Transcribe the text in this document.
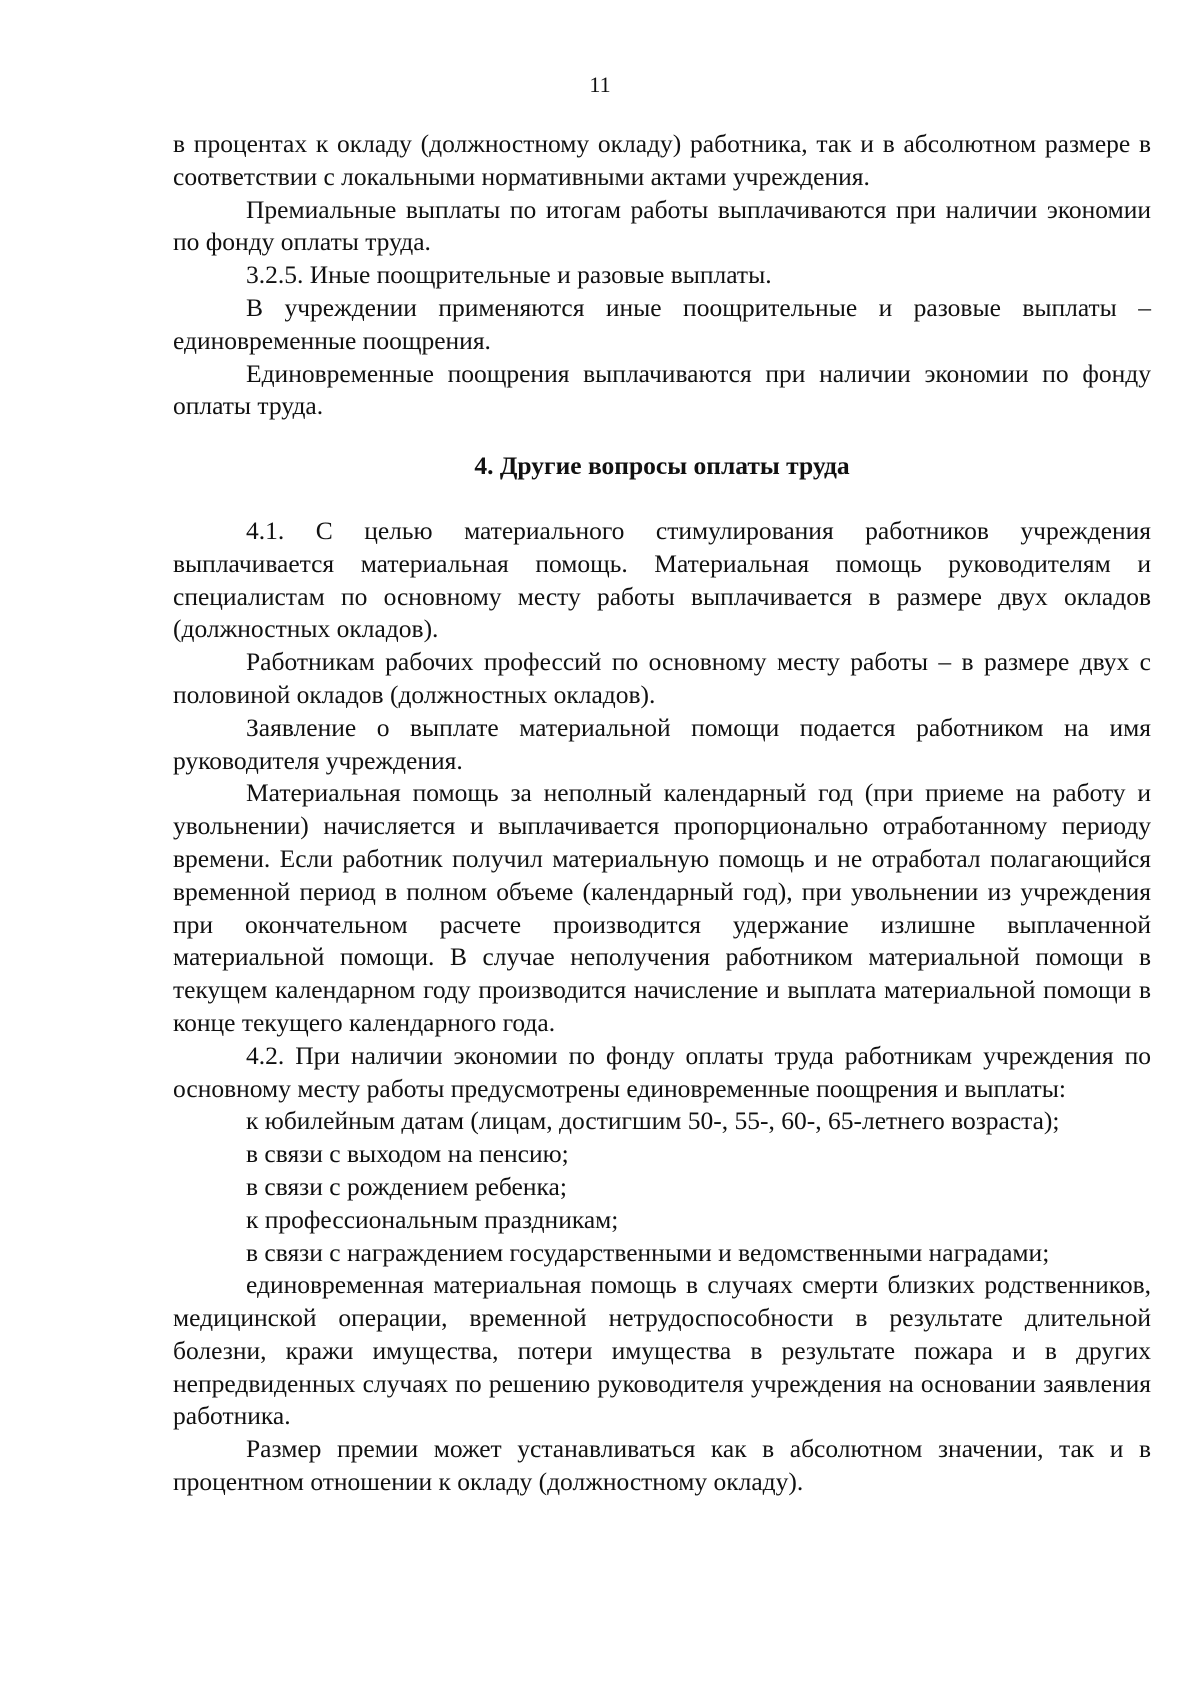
11

в процентах к окладу (должностному окладу) работника, так и в абсолютном размере в соответствии с локальными нормативными актами учреждения.

Премиальные выплаты по итогам работы выплачиваются при наличии экономии по фонду оплаты труда.

3.2.5. Иные поощрительные и разовые выплаты.

В учреждении применяются иные поощрительные и разовые выплаты – единовременные поощрения.

Единовременные поощрения выплачиваются при наличии экономии по фонду оплаты труда.

4. Другие вопросы оплаты труда

4.1. С целью материального стимулирования работников учреждения выплачивается материальная помощь. Материальная помощь руководителям и специалистам по основному месту работы выплачивается в размере двух окладов (должностных окладов).

Работникам рабочих профессий по основному месту работы – в размере двух с половиной окладов (должностных окладов).

Заявление о выплате материальной помощи подается работником на имя руководителя учреждения.

Материальная помощь за неполный календарный год (при приеме на работу и увольнении) начисляется и выплачивается пропорционально отработанному периоду времени. Если работник получил материальную помощь и не отработал полагающийся временной период в полном объеме (календарный год), при увольнении из учреждения при окончательном расчете производится удержание излишне выплаченной материальной помощи. В случае неполучения работником материальной помощи в текущем календарном году производится начисление и выплата материальной помощи в конце текущего календарного года.

4.2. При наличии экономии по фонду оплаты труда работникам учреждения по основному месту работы предусмотрены единовременные поощрения и выплаты:

к юбилейным датам (лицам, достигшим 50-, 55-, 60-, 65-летнего возраста);

в связи с выходом на пенсию;

в связи с рождением ребенка;

к профессиональным праздникам;

в связи с награждением государственными и ведомственными наградами;

единовременная материальная помощь в случаях смерти близких родственников, медицинской операции, временной нетрудоспособности в результате длительной болезни, кражи имущества, потери имущества в результате пожара и в других непредвиденных случаях по решению руководителя учреждения на основании заявления работника.

Размер премии может устанавливаться как в абсолютном значении, так и в процентном отношении к окладу (должностному окладу).
